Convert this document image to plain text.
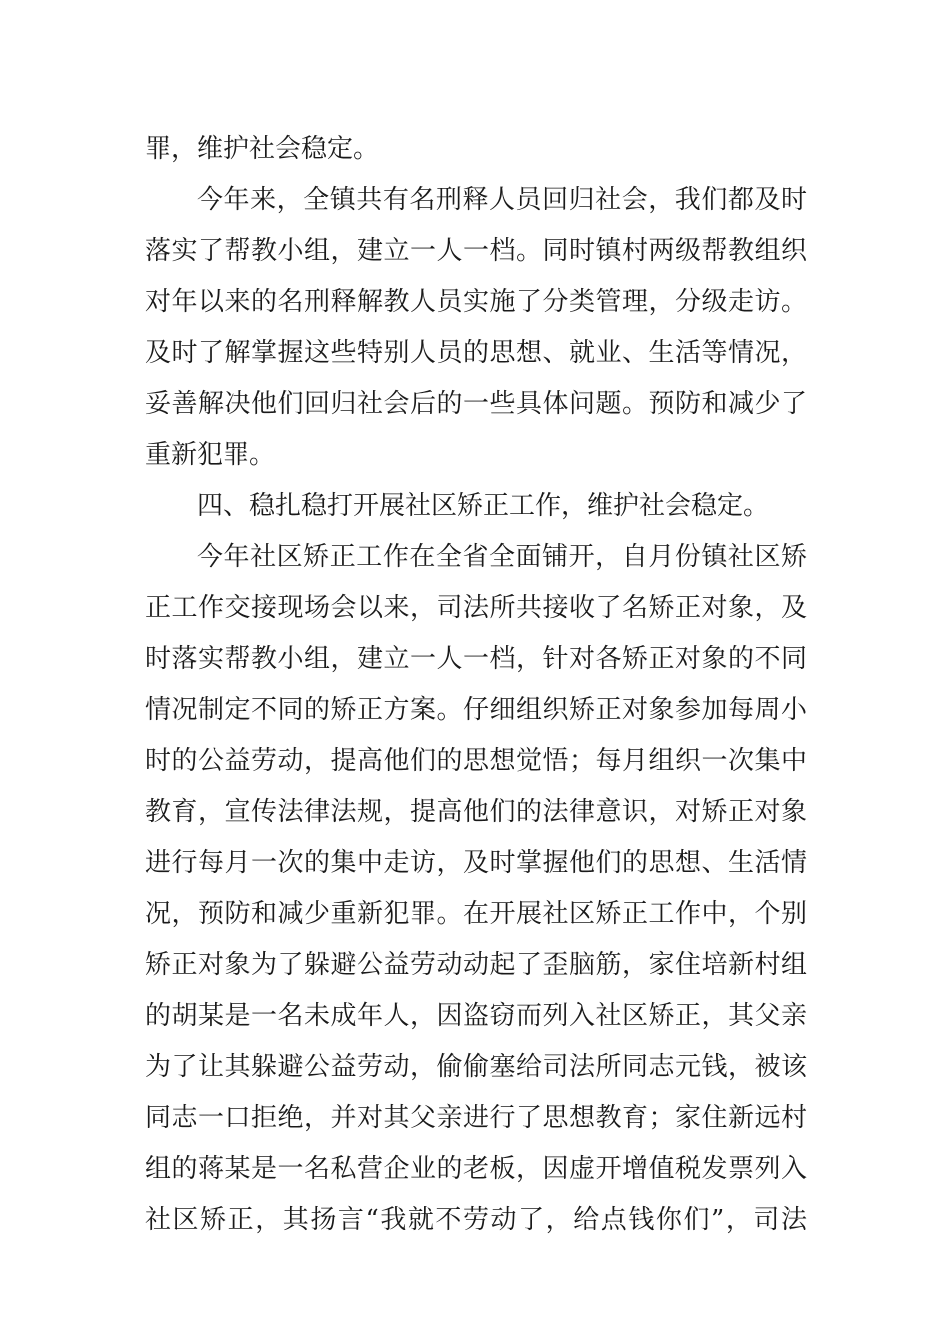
罪，维护社会稳定。
今年来，全镇共有名刑释人员回归社会，我们都及时
落实了帮教小组，建立一人一档。同时镇村两级帮教组织
对年以来的名刑释解教人员实施了分类管理，分级走访。
及时了解掌握这些特别人员的思想、就业、生活等情况，
妥善解决他们回归社会后的一些具体问题。预防和减少了
重新犯罪。
四、稳扎稳打开展社区矫正工作，维护社会稳定。
今年社区矫正工作在全省全面铺开，自月份镇社区矫
正工作交接现场会以来，司法所共接收了名矫正对象，及
时落实帮教小组，建立一人一档，针对各矫正对象的不同
情况制定不同的矫正方案。仔细组织矫正对象参加每周小
时的公益劳动，提高他们的思想觉悟；每月组织一次集中
教育，宣传法律法规，提高他们的法律意识，对矫正对象
进行每月一次的集中走访，及时掌握他们的思想、生活情
况，预防和减少重新犯罪。在开展社区矫正工作中，个别
矫正对象为了躲避公益劳动动起了歪脑筋，家住培新村组
的胡某是一名未成年人，因盗窃而列入社区矫正，其父亲
为了让其躲避公益劳动，偷偷塞给司法所同志元钱，被该
同志一口拒绝，并对其父亲进行了思想教育；家住新远村
组的蒋某是一名私营企业的老板，因虚开增值税发票列入
社区矫正，其扬言“我就不劳动了，给点钱你们”，司法
